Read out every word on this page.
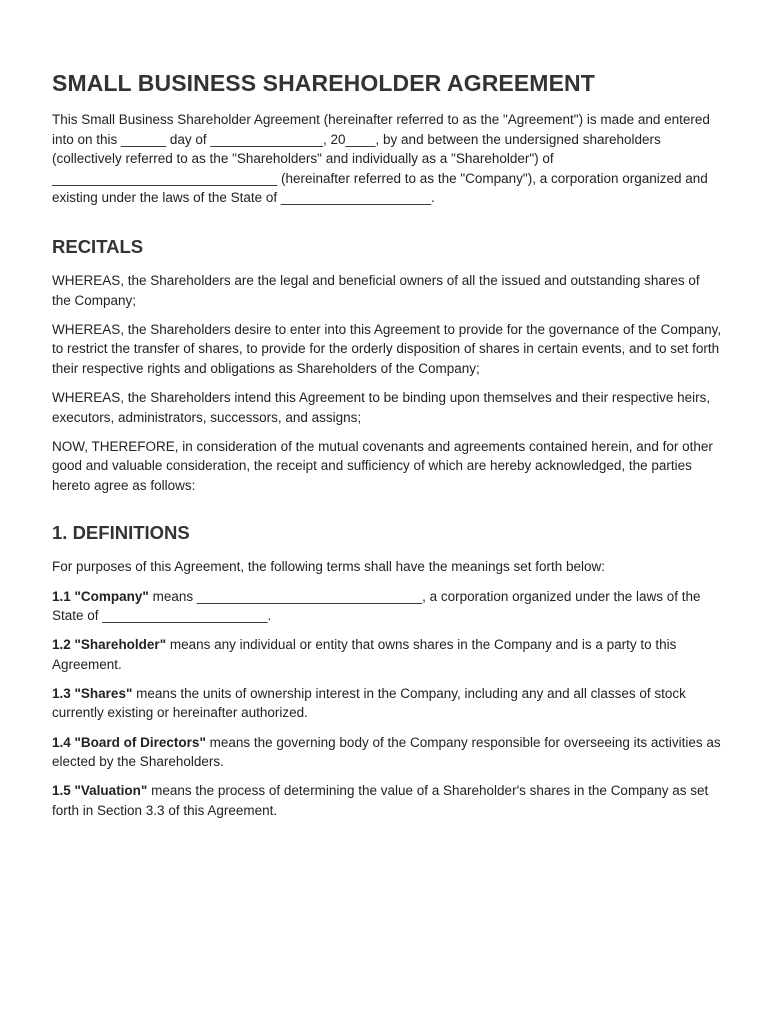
SMALL BUSINESS SHAREHOLDER AGREEMENT

This Small Business Shareholder Agreement (hereinafter referred to as the "Agreement") is made and entered into on this ______ day of _______________, 20____, by and between the undersigned shareholders (collectively referred to as the "Shareholders" and individually as a "Shareholder") of ______________________________ (hereinafter referred to as the "Company"), a corporation organized and existing under the laws of the State of ____________________.

RECITALS

WHEREAS, the Shareholders are the legal and beneficial owners of all the issued and outstanding shares of the Company;

WHEREAS, the Shareholders desire to enter into this Agreement to provide for the governance of the Company, to restrict the transfer of shares, to provide for the orderly disposition of shares in certain events, and to set forth their respective rights and obligations as Shareholders of the Company;

WHEREAS, the Shareholders intend this Agreement to be binding upon themselves and their respective heirs, executors, administrators, successors, and assigns;

NOW, THEREFORE, in consideration of the mutual covenants and agreements contained herein, and for other good and valuable consideration, the receipt and sufficiency of which are hereby acknowledged, the parties hereto agree as follows:

1. DEFINITIONS

For purposes of this Agreement, the following terms shall have the meanings set forth below:

1.1 "Company" means ______________________________, a corporation organized under the laws of the State of ______________________.

1.2 "Shareholder" means any individual or entity that owns shares in the Company and is a party to this Agreement.

1.3 "Shares" means the units of ownership interest in the Company, including any and all classes of stock currently existing or hereinafter authorized.

1.4 "Board of Directors" means the governing body of the Company responsible for overseeing its activities as elected by the Shareholders.

1.5 "Valuation" means the process of determining the value of a Shareholder's shares in the Company as set forth in Section 3.3 of this Agreement.
